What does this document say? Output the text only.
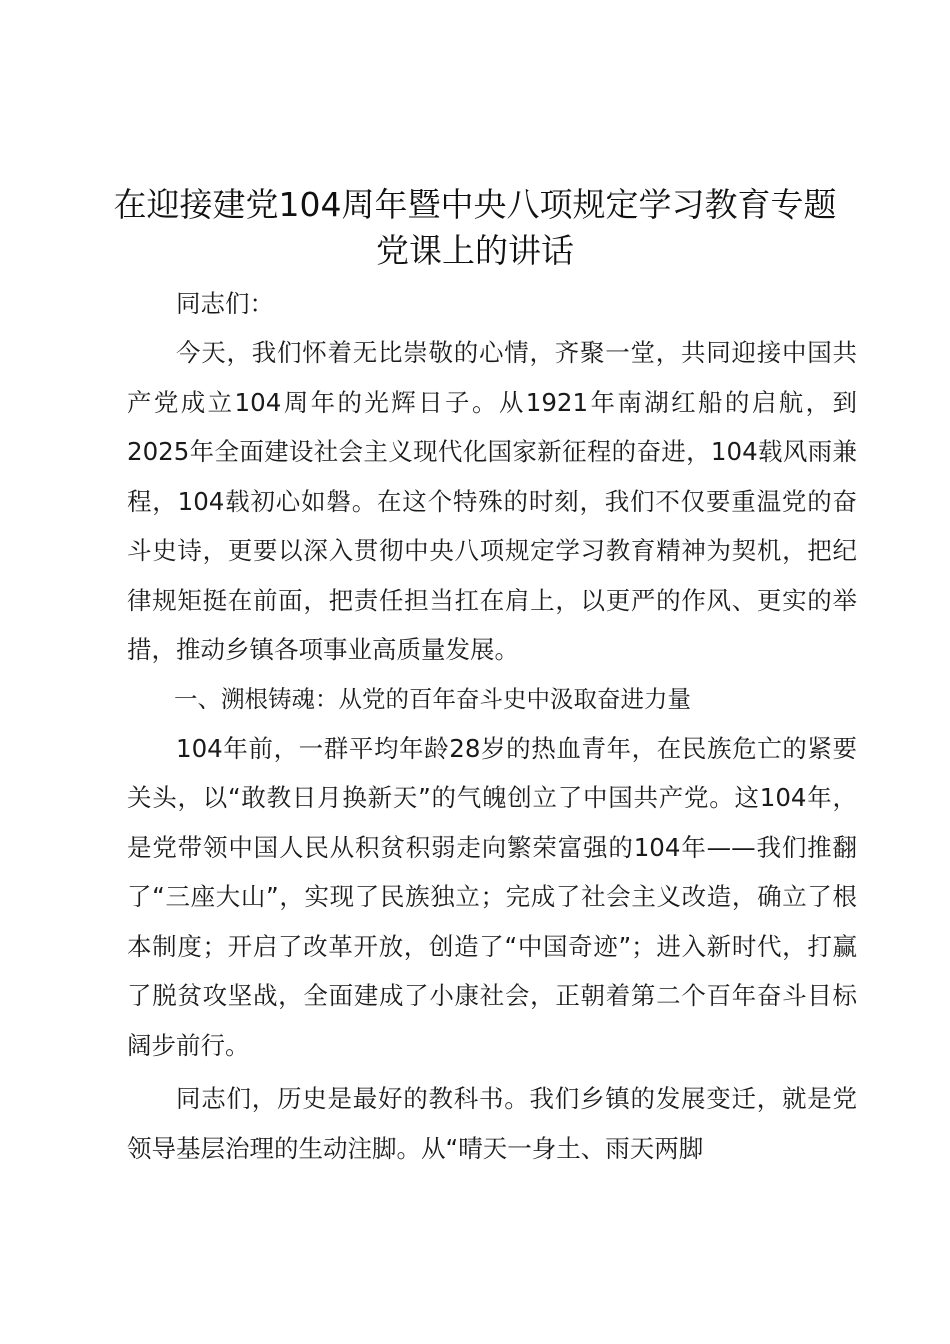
在迎接建党104周年暨中央八项规定学习教育专题党课上的讲话

同志们：

今天，我们怀着无比崇敬的心情，齐聚一堂，共同迎接中国共产党成立104周年的光辉日子。从1921年南湖红船的启航，到2025年全面建设社会主义现代化国家新征程的奋进，104载风雨兼程，104载初心如磐。在这个特殊的时刻，我们不仅要重温党的奋斗史诗，更要以深入贯彻中央八项规定学习教育精神为契机，把纪律规矩挺在前面，把责任担当扛在肩上，以更严的作风、更实的举措，推动乡镇各项事业高质量发展。

一、溯根铸魂：从党的百年奋斗史中汲取奋进力量

104年前，一群平均年龄28岁的热血青年，在民族危亡的紧要关头，以“敢教日月换新天”的气魄创立了中国共产党。这104年，是党带领中国人民从积贫积弱走向繁荣富强的104年——我们推翻了“三座大山”，实现了民族独立；完成了社会主义改造，确立了根本制度；开启了改革开放，创造了“中国奇迹”；进入新时代，打赢了脱贫攻坚战，全面建成了小康社会，正朝着第二个百年奋斗目标阔步前行。

同志们，历史是最好的教科书。我们乡镇的发展变迁，就是党领导基层治理的生动注脚。从“晴天一身土、雨天两脚
